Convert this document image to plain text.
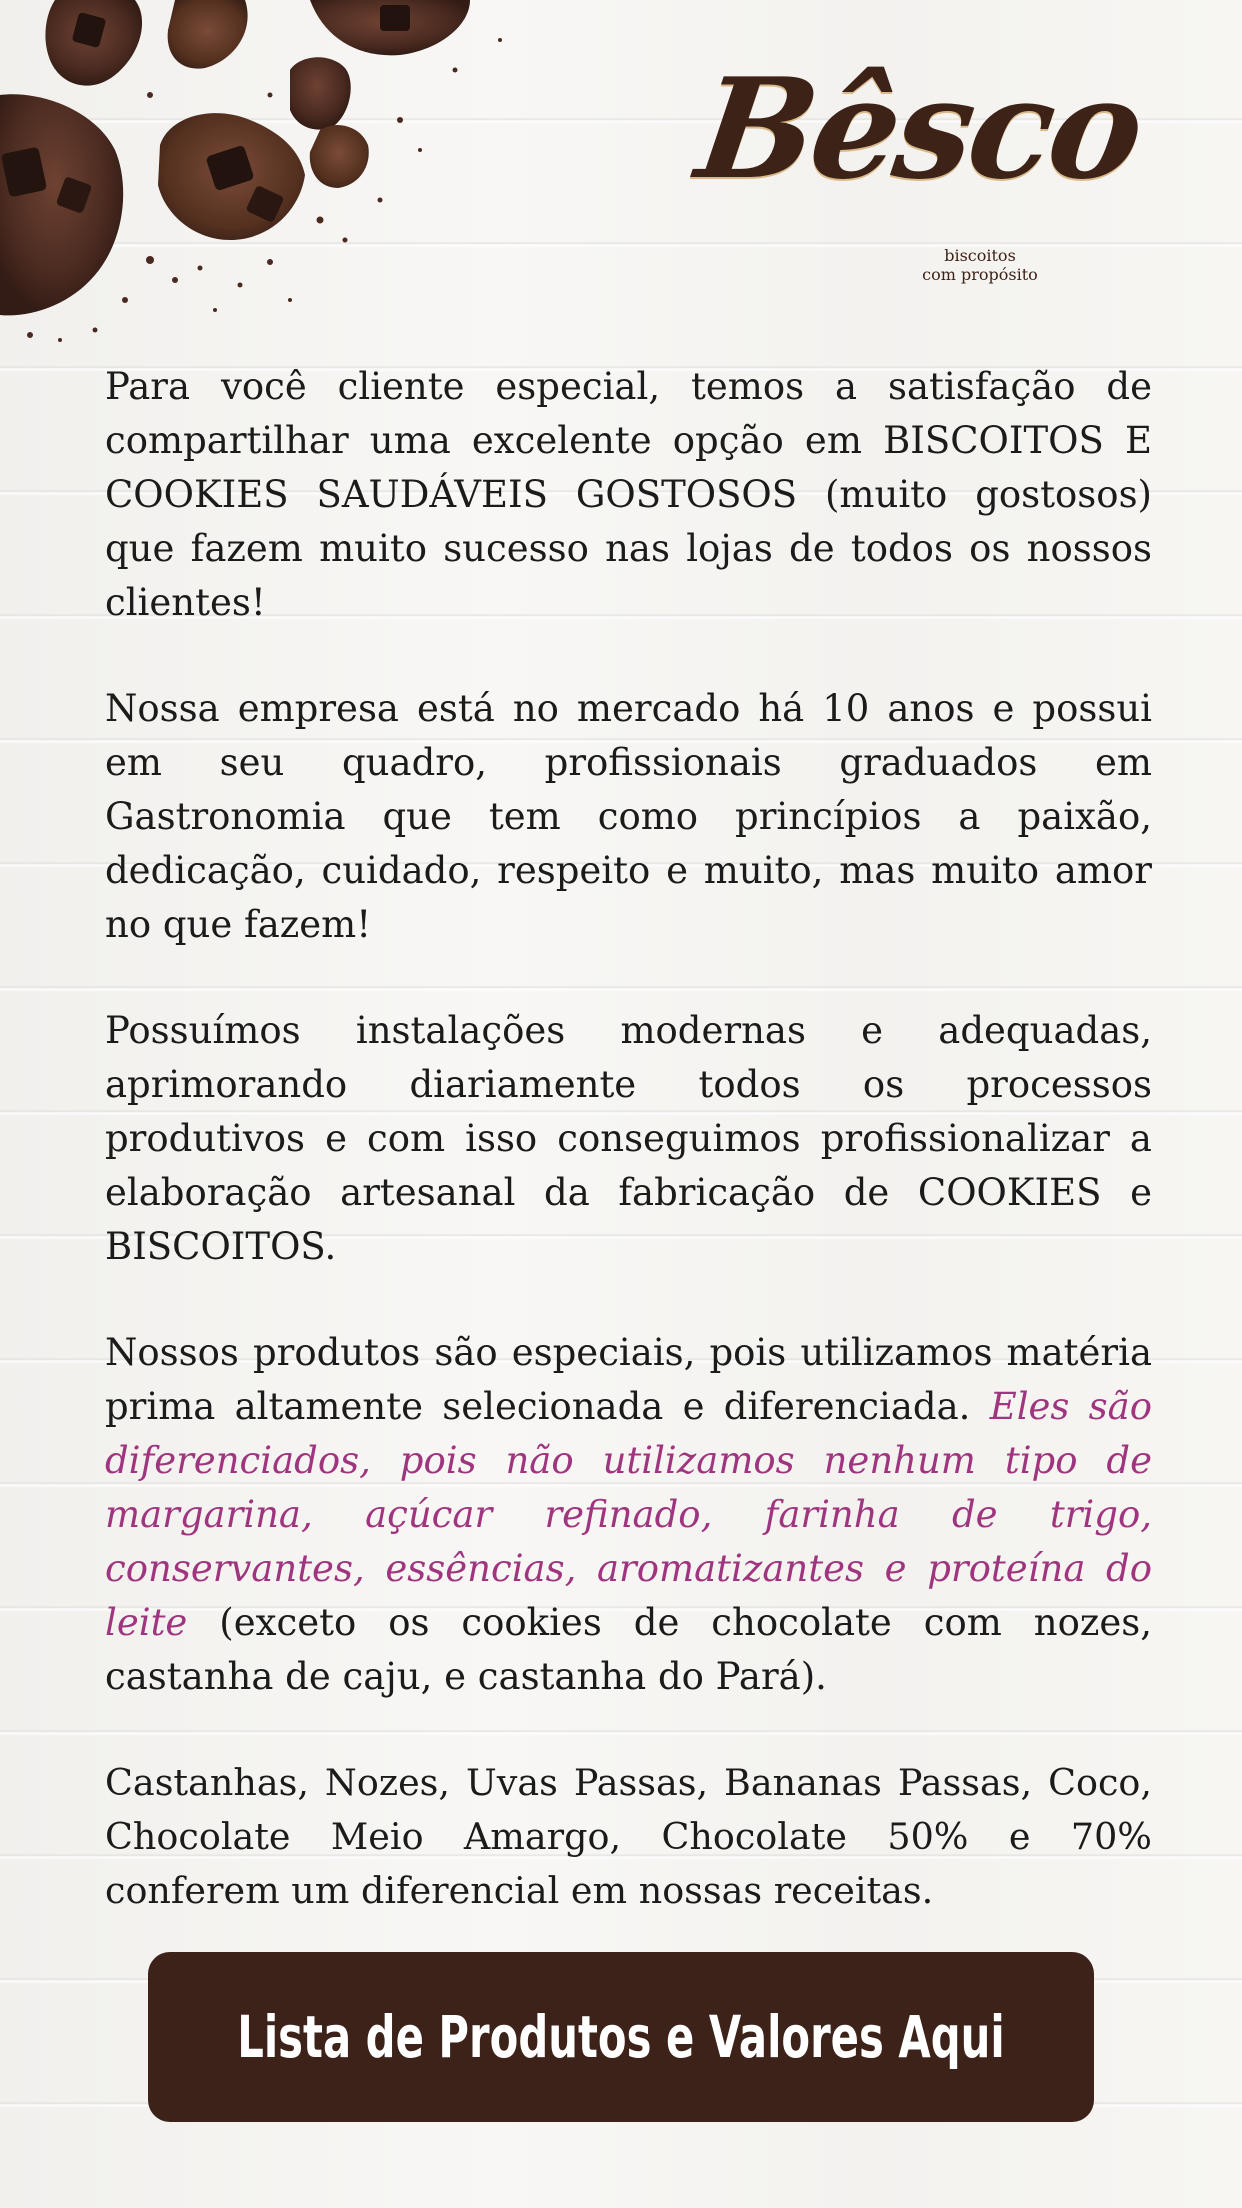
Bêsco
biscoitos
com propósito

Para você cliente especial, temos a satisfação de compartilhar uma excelente opção em BISCOITOS E COOKIES SAUDÁVEIS GOSTOSOS (muito gostosos) que fazem muito sucesso nas lojas de todos os nossos clientes!

Nossa empresa está no mercado há 10 anos e possui em seu quadro, profissionais graduados em Gastronomia que tem como princípios a paixão, dedicação, cuidado, respeito e muito, mas muito amor no que fazem!

Possuímos instalações modernas e adequadas, aprimorando diariamente todos os processos produtivos e com isso conseguimos profissionalizar a elaboração artesanal da fabricação de COOKIES e BISCOITOS.

Nossos produtos são especiais, pois utilizamos matéria prima altamente selecionada e diferenciada. Eles são diferenciados, pois não utilizamos nenhum tipo de margarina, açúcar refinado, farinha de trigo, conservantes, essências, aromatizantes e proteína do leite (exceto os cookies de chocolate com nozes, castanha de caju, e castanha do Pará).

Castanhas, Nozes, Uvas Passas, Bananas Passas, Coco, Chocolate Meio Amargo, Chocolate 50% e 70% conferem um diferencial em nossas receitas.

Lista de Produtos e Valores Aqui
